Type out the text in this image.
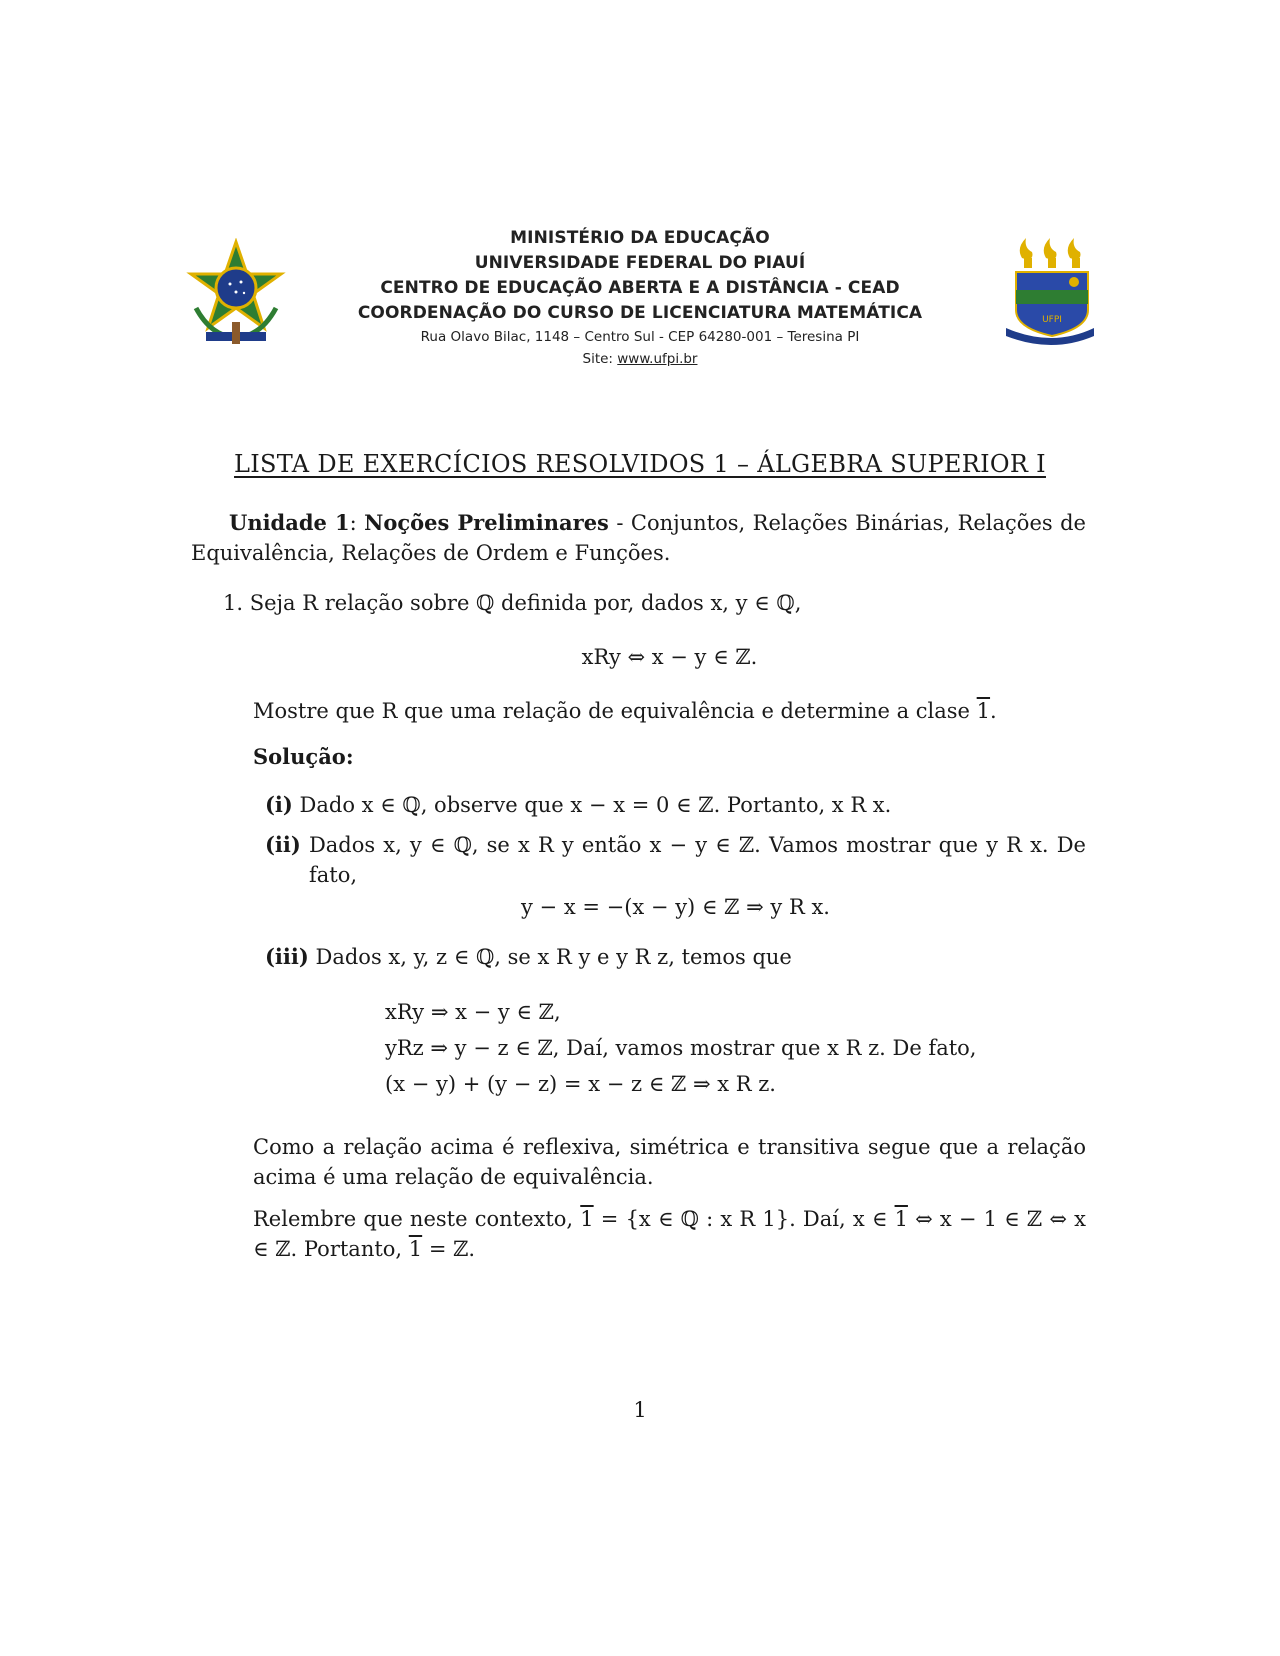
UFPI
MINISTÉRIO DA EDUCAÇÃO
UNIVERSIDADE FEDERAL DO PIAUÍ
CENTRO DE EDUCAÇÃO ABERTA E A DISTÂNCIA - CEAD
COORDENAÇÃO DO CURSO DE LICENCIATURA MATEMÁTICA
Rua Olavo Bilac, 1148 – Centro Sul - CEP 64280-001 – Teresina PI
Site: www.ufpi.br
LISTA DE EXERCÍCIOS RESOLVIDOS 1 – ÁLGEBRA SUPERIOR I

Unidade 1: Noções Preliminares - Conjuntos, Relações Binárias, Relações de Equivalência, Relações de Ordem e Funções.

1. Seja R relação sobre ℚ definida por, dados x, y ∈ ℚ,

xRy ⇔ x − y ∈ ℤ.

Mostre que R que uma relação de equivalência e determine a clase 1.

Solução:

(i) Dado x ∈ ℚ, observe que x − x = 0 ∈ ℤ. Portanto, x R x.

(ii) Dados x, y ∈ ℚ, se x R y então x − y ∈ ℤ. Vamos mostrar que y R x. De fato,

y − x = −(x − y) ∈ ℤ ⇒ y R x.

(iii) Dados x, y, z ∈ ℚ, se x R y e y R z, temos que

xRy ⇒ x − y ∈ ℤ,

yRz ⇒ y − z ∈ ℤ, Daí, vamos mostrar que x R z. De fato,

(x − y) + (y − z) = x − z ∈ ℤ ⇒ x R z.

Como a relação acima é reflexiva, simétrica e transitiva segue que a relação acima é uma relação de equivalência.

Relembre que neste contexto, 1 = {x ∈ ℚ : x R 1}. Daí, x ∈ 1 ⇔ x − 1 ∈ ℤ ⇔ x ∈ ℤ. Portanto, 1 = ℤ.

1
